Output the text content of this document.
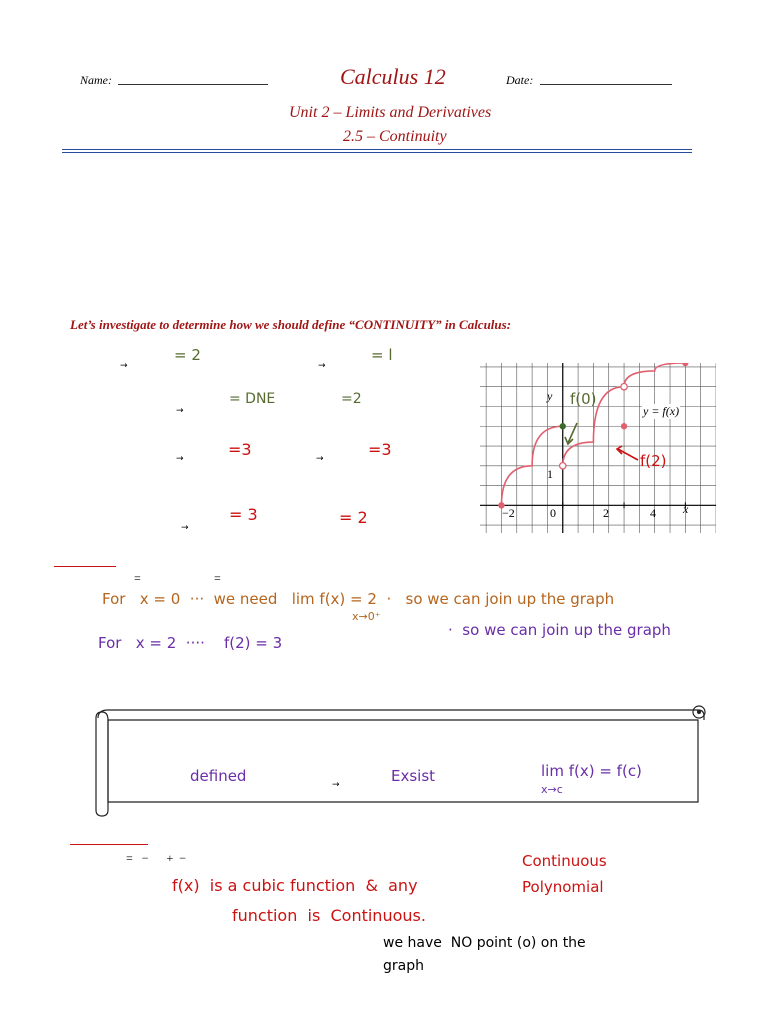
Name:	Calculus 12	Date:
Unit 2 – Limits and Derivatives
2.5 – Continuity
Let’s investigate to determine how we should define “CONTINUITY” in Calculus:
→
= 2
→
= l
→
= DNE	=2
→	=3	→	=3
→
= 3	= 2
y
x
−2	0	2	4
1
y = f(x)
f(0)
f(2)
=	=
For   x = 0  ···  we need   lim f(x) = 2  ·   so we can join up the graph
x→0⁺
For   x = 2  ····    f(2) = 3
·  so we can join up the graph
defined	→	Exsist	lim f(x) = f(c)
x→c
=   −      +  −	Continuous
Polynomial
f(x)  is a cubic function  &  any
function  is  Continuous.
we have  NO point (o) on the
graph
